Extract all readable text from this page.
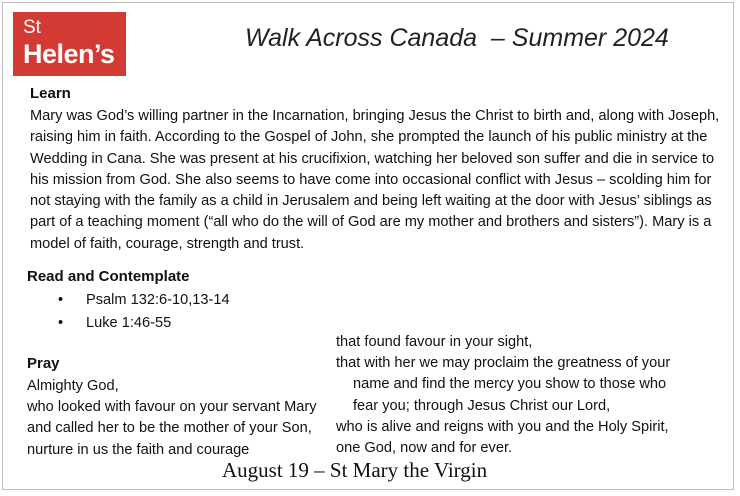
St
Helen’s
Walk Across Canada  – Summer 2024
Learn
Mary was God’s willing partner in the Incarnation, bringing Jesus the Christ to birth and, along with Joseph, raising him in faith. According to the Gospel of John, she prompted the launch of his public ministry at the Wedding in Cana. She was present at his crucifixion, watching her beloved son suffer and die in service to his mission from God. She also seems to have come into occasional conflict with Jesus – scolding him for not staying with the family as a child in Jerusalem and being left waiting at the door with Jesus’ siblings as part of a teaching moment (“all who do the will of God are my mother and brothers and sisters”). Mary is a model of faith, courage, strength and trust.
Read and Contemplate
• Psalm 132:6-10,13-14
• Luke 1:46-55
Pray
Almighty God,
who looked with favour on your servant Mary
and called her to be the mother of your Son,
nurture in us the faith and courage
that found favour in your sight,
that with her we may proclaim the greatness of your
name and find the mercy you show to those who
fear you; through Jesus Christ our Lord,
who is alive and reigns with you and the Holy Spirit,
one God, now and for ever.
August 19 – St Mary the Virgin
